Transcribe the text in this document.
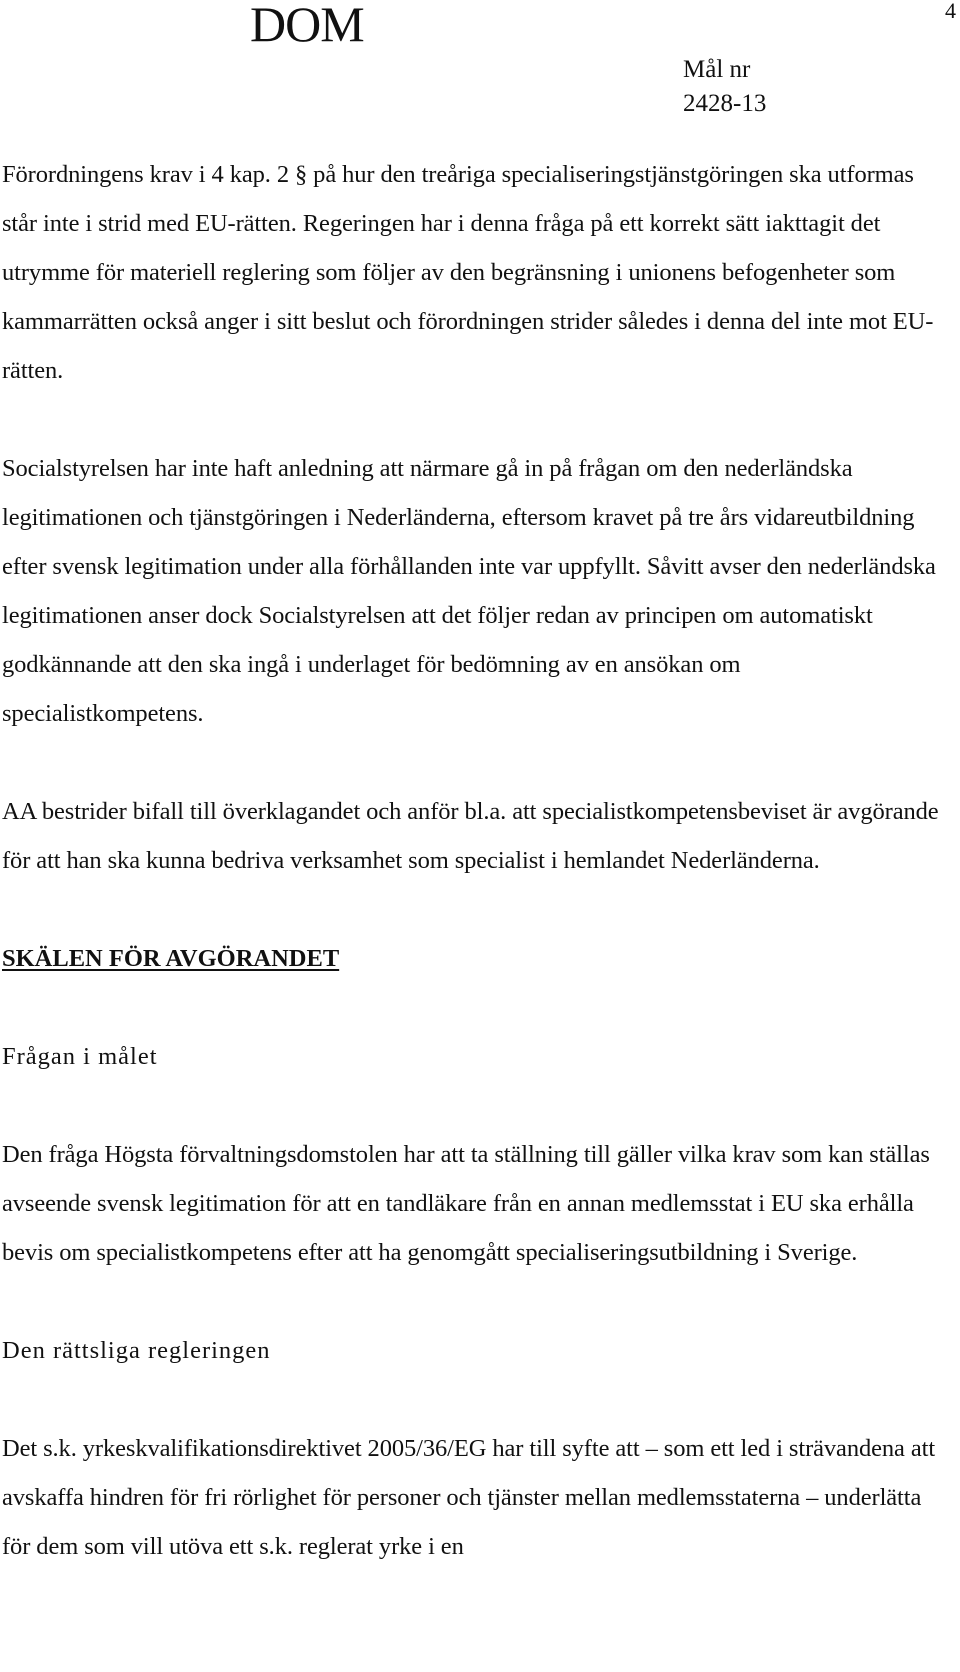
DOM	4
Mål nr
2428-13

Förordningens krav i 4 kap. 2 § på hur den treåriga specialiseringstjänstgöringen ska utformas står inte i strid med EU-rätten. Regeringen har i denna fråga på ett korrekt sätt iakttagit det utrymme för materiell reglering som följer av den begränsning i unionens befogenheter som kammarrätten också anger i sitt beslut och förordningen strider således i denna del inte mot EU-rätten.

Socialstyrelsen har inte haft anledning att närmare gå in på frågan om den nederländska legitimationen och tjänstgöringen i Nederländerna, eftersom kravet på tre års vidareutbildning efter svensk legitimation under alla förhållanden inte var uppfyllt. Såvitt avser den nederländska legitimationen anser dock Socialstyrelsen att det följer redan av principen om automatiskt godkännande att den ska ingå i underlaget för bedömning av en ansökan om specialistkompetens.

AA bestrider bifall till överklagandet och anför bl.a. att specialistkompetensbeviset är avgörande för att han ska kunna bedriva verksamhet som specialist i hemlandet Nederländerna.

SKÄLEN FÖR AVGÖRANDET

Frågan i målet

Den fråga Högsta förvaltningsdomstolen har att ta ställning till gäller vilka krav som kan ställas avseende svensk legitimation för att en tandläkare från en annan medlemsstat i EU ska erhålla bevis om specialistkompetens efter att ha genomgått specialiseringsutbildning i Sverige.

Den rättsliga regleringen

Det s.k. yrkeskvalifikationsdirektivet 2005/36/EG har till syfte att – som ett led i strävandena att avskaffa hindren för fri rörlighet för personer och tjänster mellan medlemsstaterna – underlätta för dem som vill utöva ett s.k. reglerat yrke i en
